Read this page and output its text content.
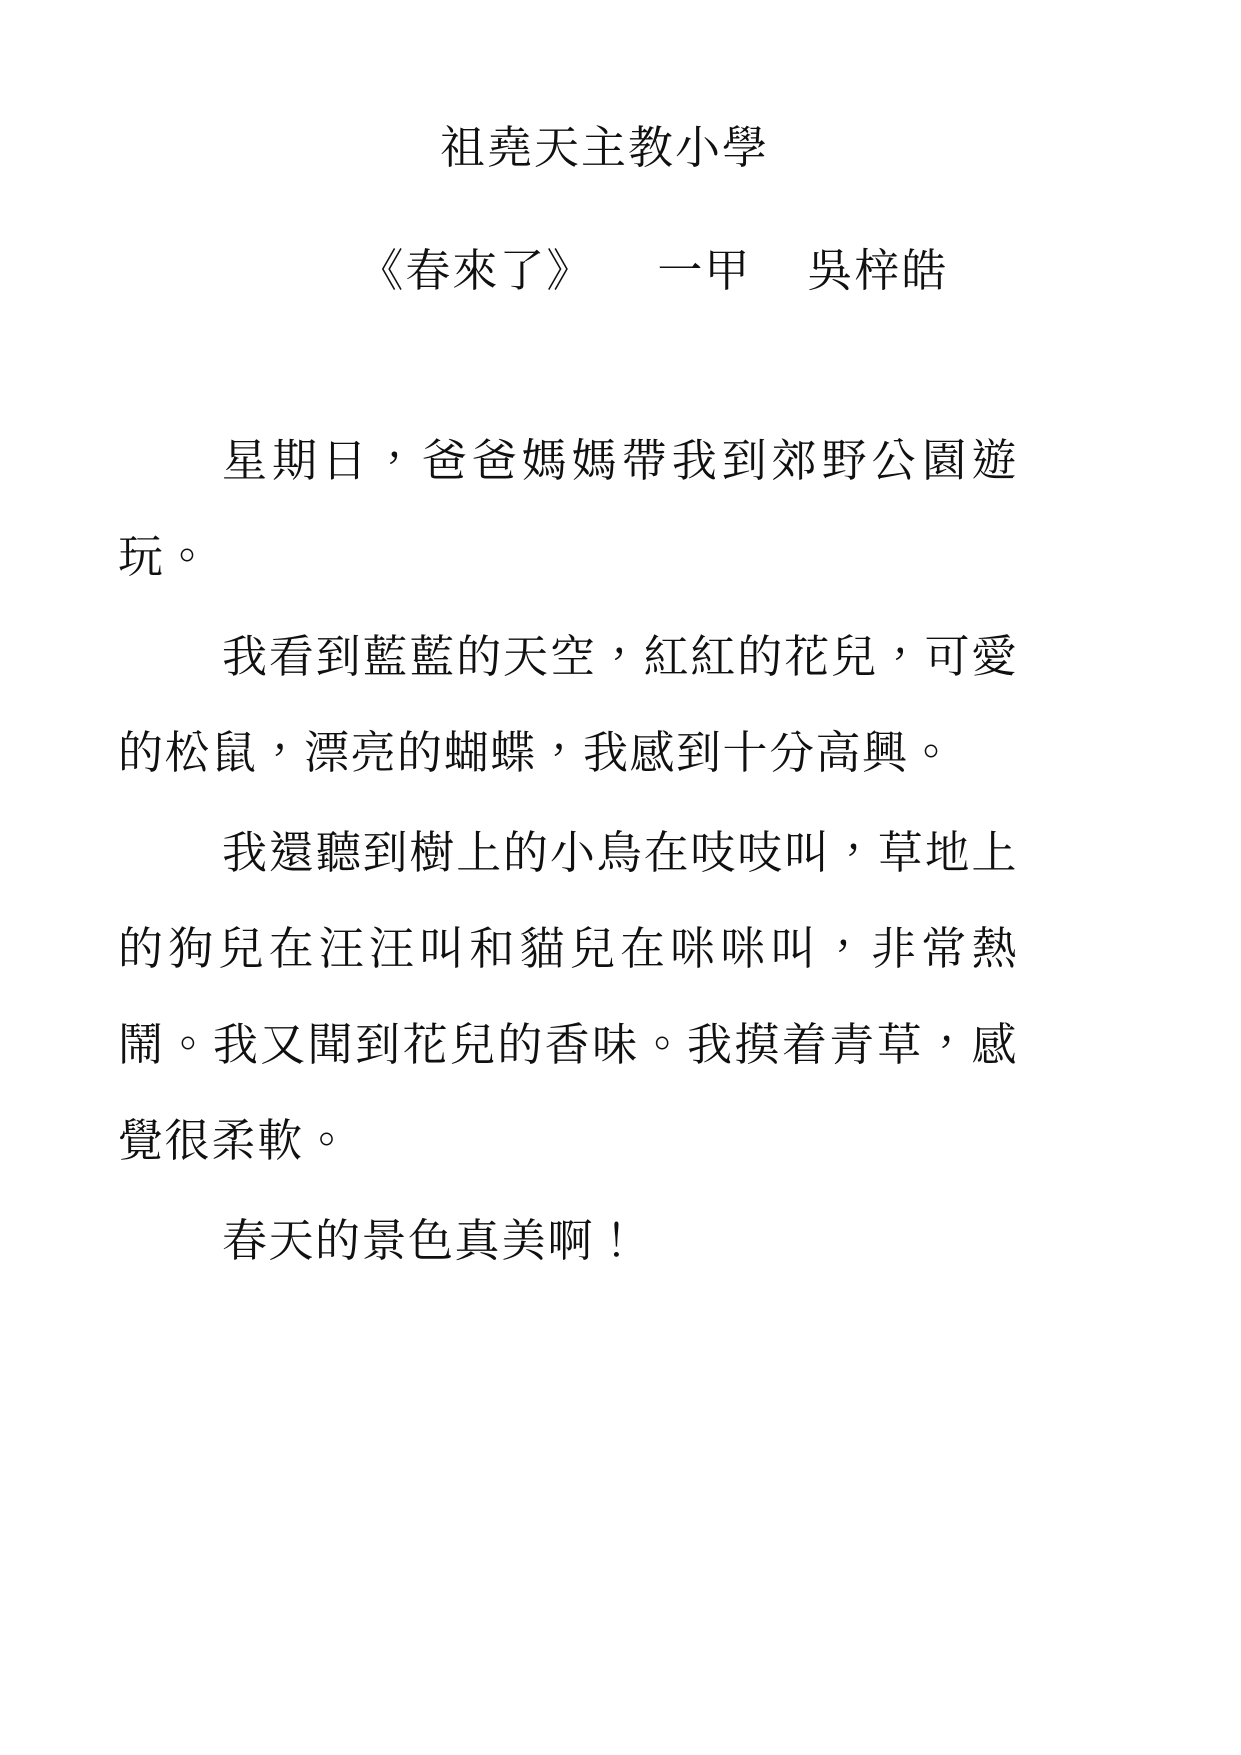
祖堯天主教小學

《春來了》 一甲 吳梓皓

星期日，爸爸媽媽帶我到郊野公園遊玩。

我看到藍藍的天空，紅紅的花兒，可愛的松鼠，漂亮的蝴蝶，我感到十分高興。

我還聽到樹上的小鳥在吱吱叫，草地上的狗兒在汪汪叫和貓兒在咪咪叫，非常熱鬧。我又聞到花兒的香味。我摸着青草，感覺很柔軟。

春天的景色真美啊！
